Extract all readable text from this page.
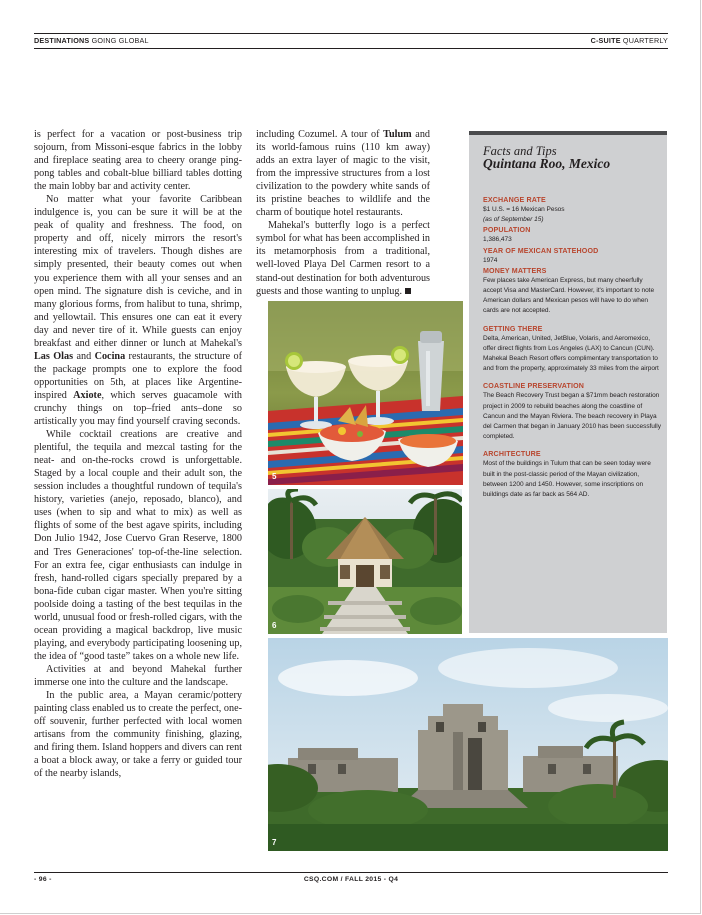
DESTINATIONS GOING GLOBAL	C-SUITE QUARTERLY

is perfect for a vacation or post-business trip sojourn, from Missoni-esque fabrics in the lobby and fireplace seating area to cheery orange ping-pong tables and cobalt-blue billiard tables dotting the main lobby bar and activity center.

No matter what your favorite Caribbean indulgence is, you can be sure it will be at the peak of quality and freshness. The food, on property and off, nicely mirrors the resort's interesting mix of travelers. Though dishes are simply presented, their beauty comes out when you experience them with all your senses and an open mind. The signature dish is ceviche, and in many glorious forms, from halibut to tuna, shrimp, and yellowtail. This ensures one can eat it every day and never tire of it. While guests can enjoy breakfast and either dinner or lunch at Mahekal's Las Olas and Cocina restaurants, the structure of the package prompts one to explore the food opportunities on 5th, at places like Argentine-inspired Axiote, which serves guacamole with crunchy things on top–fried ants–done so artistically you may find yourself craving seconds.

While cocktail creations are creative and plentiful, the tequila and mezcal tasting for the neat- and on-the-rocks crowd is unforgettable. Staged by a local couple and their adult son, the session includes a thoughtful rundown of tequila's history, varieties (anejo, reposado, blanco), and uses (when to sip and what to mix) as well as flights of some of the best agave spirits, including Don Julio 1942, Jose Cuervo Gran Reserve, 1800 and Tres Generaciones' top-of-the-line selection. For an extra fee, cigar enthusiasts can indulge in fresh, hand-rolled cigars specially prepared by a bona-fide cuban cigar master. When you're sitting poolside doing a tasting of the best tequilas in the world, unusual food or fresh-rolled cigars, with the ocean providing a magical backdrop, live music playing, and everybody participating loosening up, the idea of “good taste” takes on a whole new life.

Activities at and beyond Mahekal further immerse one into the culture and the landscape.

In the public area, a Mayan ceramic/pottery painting class enabled us to create the perfect, one-off souvenir, further perfected with local women artisans from the community finishing, glazing, and firing them. Island hoppers and divers can rent a boat a block away, or take a ferry or guided tour of the nearby islands,

including Cozumel. A tour of Tulum and its world-famous ruins (110 km away) adds an extra layer of magic to the visit, from the impressive structures from a lost civilization to the powdery white sands of its pristine beaches to wildlife and the charm of boutique hotel restaurants.

Mahekal's butterfly logo is a perfect symbol for what has been accomplished in its metamorphosis from a traditional, well-loved Playa Del Carmen resort to a stand-out destination for both adventurous guests and those wanting to unplug.

5
6
7
Facts and Tips
Quintana Roo, Mexico
EXCHANGE RATE
$1 U.S. = 16 Mexican Pesos
(as of September 15)
POPULATION
1,386,473
YEAR OF MEXICAN STATEHOOD
1974
MONEY MATTERS
Few places take American Express, but many cheerfully accept Visa and MasterCard. However, it's important to note American dollars and Mexican pesos will have to do when cards are not accepted.
GETTING THERE
Delta, American, United, JetBlue, Volaris, and Aeromexico, offer direct flights from Los Angeles (LAX) to Cancun (CUN). Mahekal Beach Resort offers complimentary transportation to and from the property, approximately 33 miles from the airport
COASTLINE PRESERVATION
The Beach Recovery Trust began a $71mm beach restoration project in 2009 to rebuild beaches along the coastline of Cancun and the Mayan Riviera. The beach recovery in Playa del Carmen that began in January 2010 has been successfully completed.
ARCHITECTURE
Most of the buildings in Tulum that can be seen today were built in the post-classic period of the Mayan civilization, between 1200 and 1450. However, some inscriptions on buildings date as far back as 564 AD.
- 96 -	CSQ.COM / FALL 2015 - Q4
